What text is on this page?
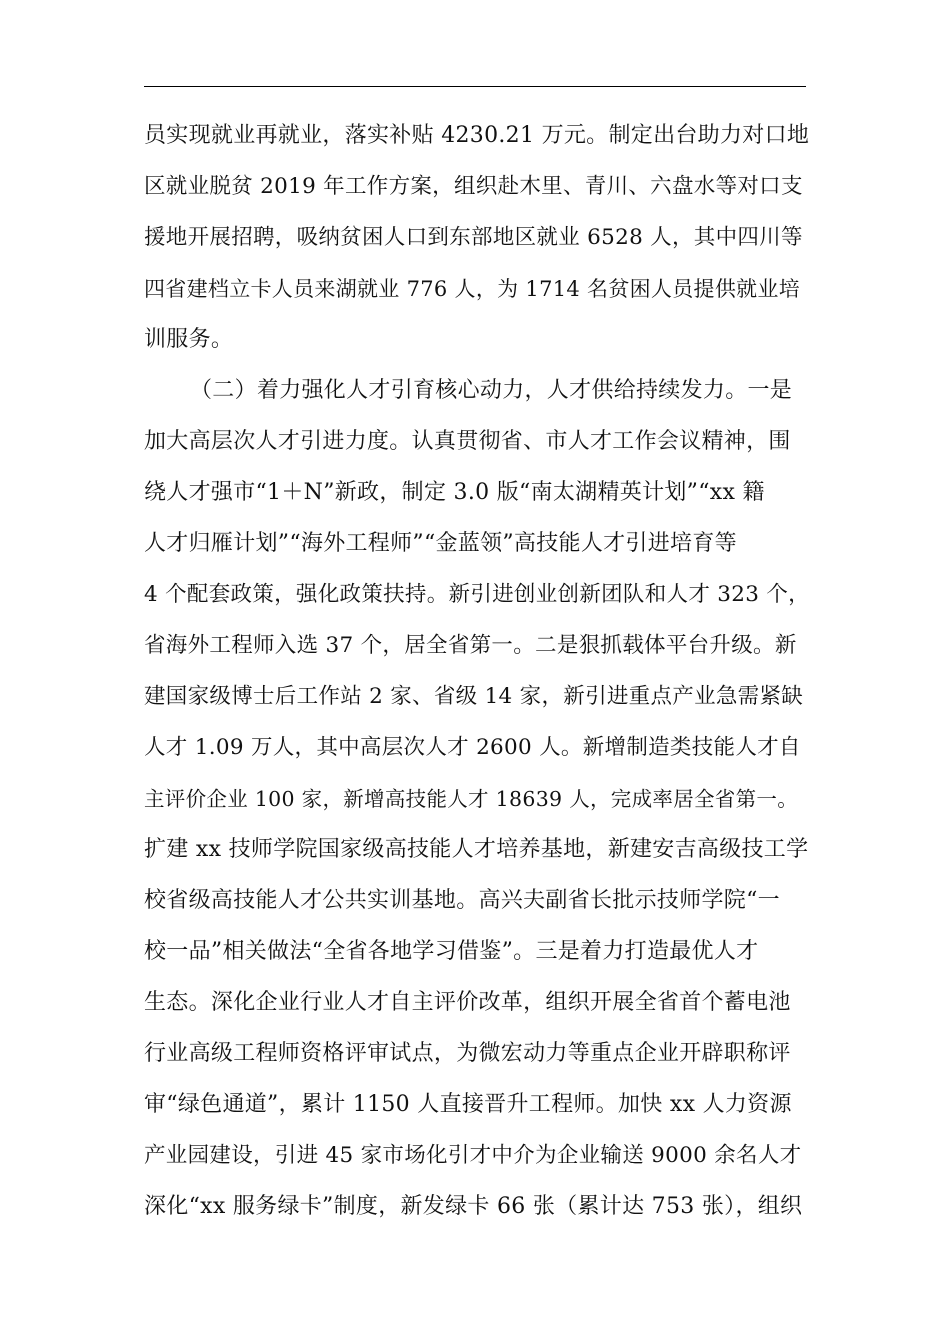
员实现就业再就业，落实补贴 4230.21 万元。制定出台助力对口地

区就业脱贫 2019 年工作方案，组织赴木里、青川、六盘水等对口支

援地开展招聘，吸纳贫困人口到东部地区就业 6528 人，其中四川等

四省建档立卡人员来湖就业 776 人，为 1714 名贫困人员提供就业培

训服务。

（二）着力强化人才引育核心动力，人才供给持续发力。一是

加大高层次人才引进力度。认真贯彻省、市人才工作会议精神，围

绕人才强市“1＋N”新政，制定 3.0 版“南太湖精英计划”“xx 籍

人才归雁计划”“海外工程师”“金蓝领”高技能人才引进培育等

4 个配套政策，强化政策扶持。新引进创业创新团队和人才 323 个，

省海外工程师入选 37 个，居全省第一。二是狠抓载体平台升级。新

建国家级博士后工作站 2 家、省级 14 家，新引进重点产业急需紧缺

人才 1.09 万人，其中高层次人才 2600 人。新增制造类技能人才自

主评价企业 100 家，新增高技能人才 18639 人，完成率居全省第一。

扩建 xx 技师学院国家级高技能人才培养基地，新建安吉高级技工学

校省级高技能人才公共实训基地。高兴夫副省长批示技师学院“一

校一品”相关做法“全省各地学习借鉴”。三是着力打造最优人才

生态。深化企业行业人才自主评价改革，组织开展全省首个蓄电池

行业高级工程师资格评审试点，为微宏动力等重点企业开辟职称评

审“绿色通道”，累计 1150 人直接晋升工程师。加快 xx 人力资源

产业园建设，引进 45 家市场化引才中介为企业输送 9000 余名人才

深化“xx 服务绿卡”制度，新发绿卡 66 张（累计达 753 张），组织
